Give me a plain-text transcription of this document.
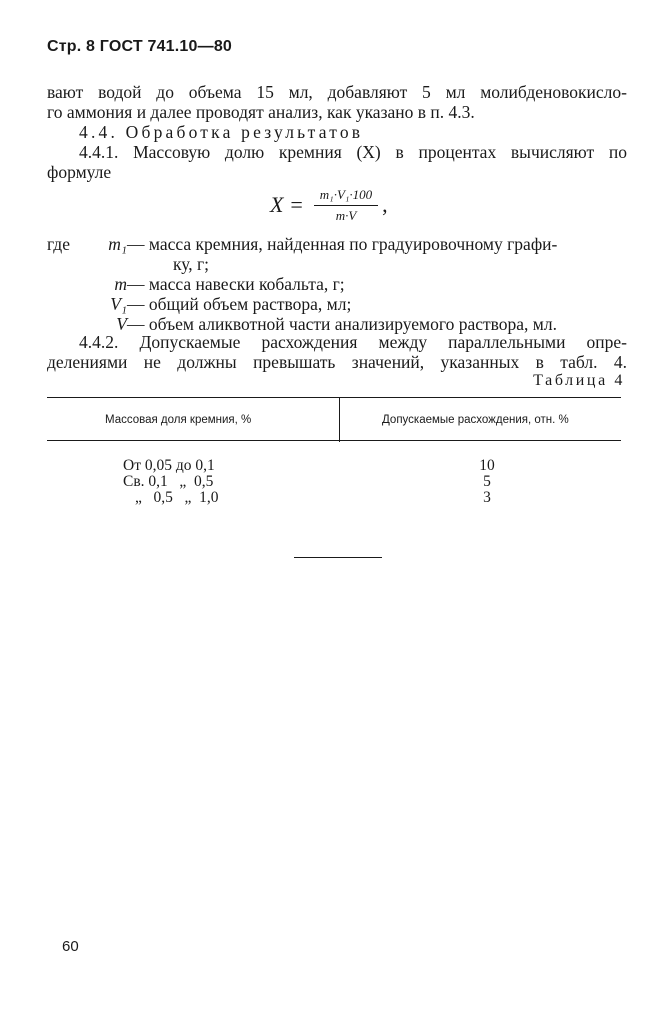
Стр. 8 ГОСТ 741.10—80
вают водой до объема 15 мл, добавляют 5 мл молибденовокисло-
го аммония и далее проводят анализ, как указано в п. 4.3.
4.4. Обработка результатов
4.4.1. Массовую долю кремния (X) в процентах вычисляют по
формуле
$X = \frac{\text{m₁·V₁·100}}{m\cdot V}$ ,
где	m₁ — масса кремния, найденная по градуировочному графи-
ку, г;
m — масса навески кобальта, г;
V₁ — общий объем раствора, мл;
V — объем аликвотной части анализируемого раствора, мл.
4.4.2. Допускаемые расхождения между параллельными опре-
делениями не должны превышать значений, указанных в табл. 4.
Таблица 4
Массовая доля кремния, %	Допускаемые расхождения, отн. %
От 0,05 до 0,1	10
Св. 0,1   „  0,5	5
„   0,5   „  1,0	3
60
